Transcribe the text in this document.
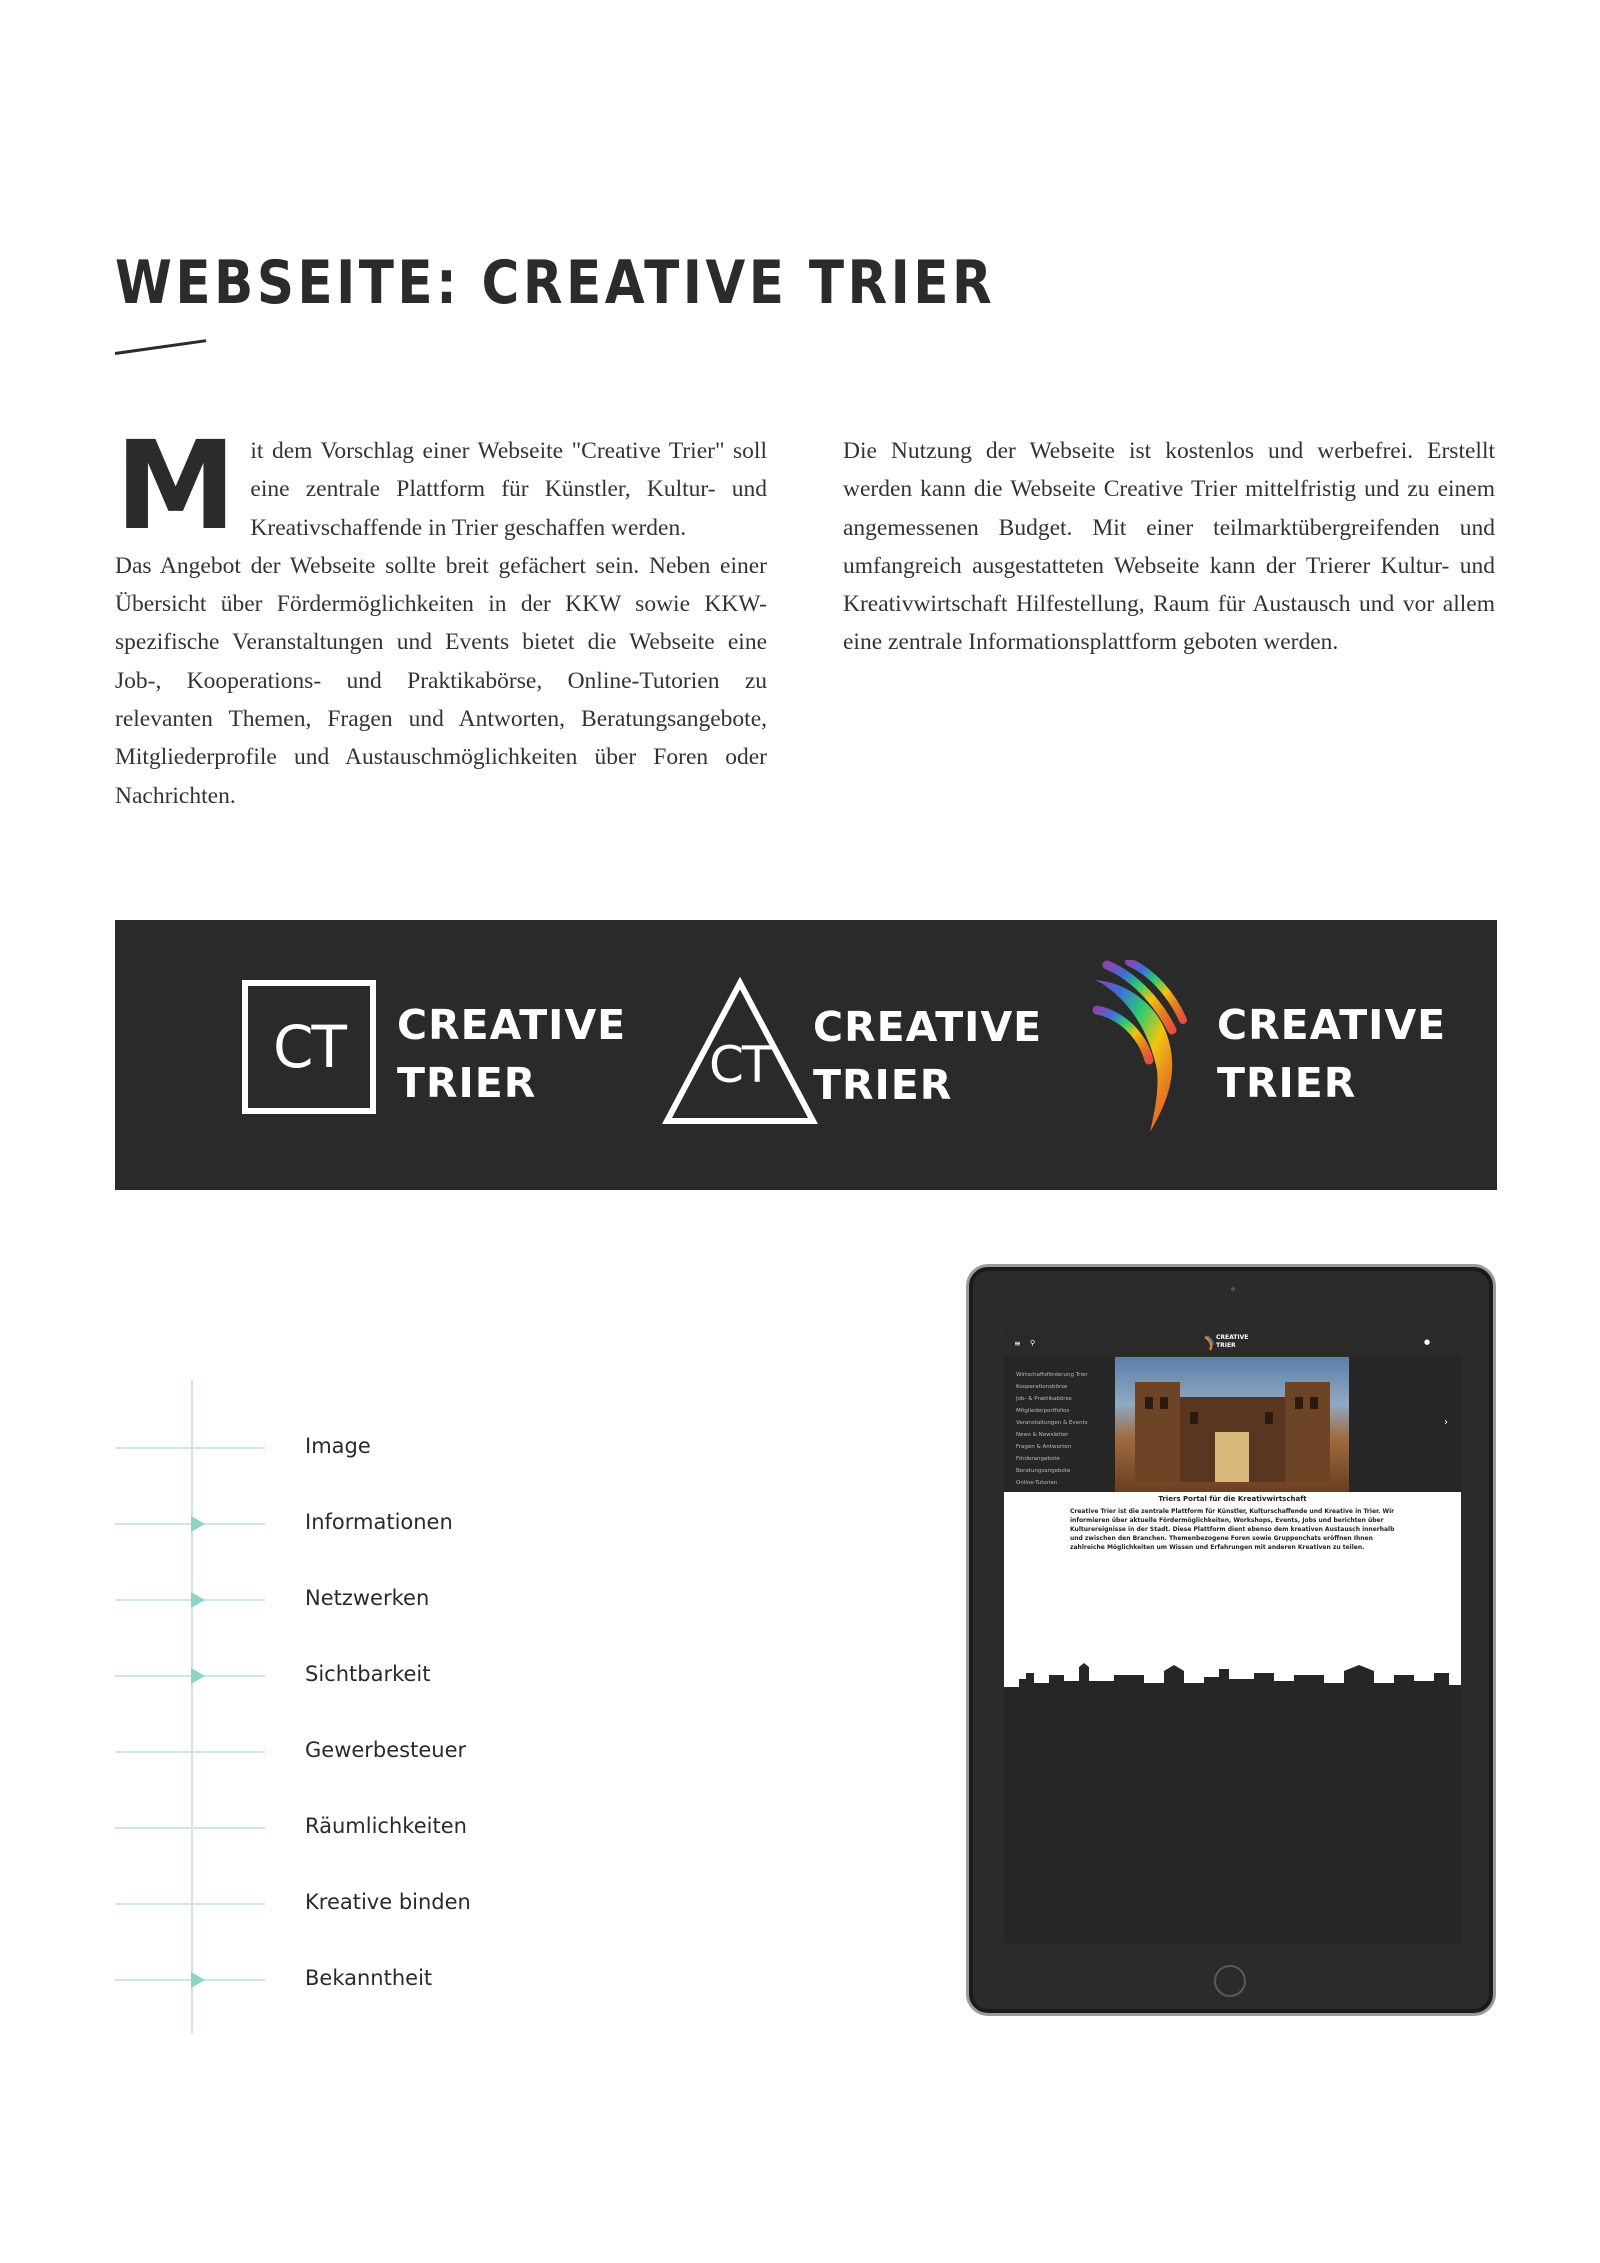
WEBSEITE: CREATIVE TRIER
M it dem Vorschlag einer Webseite "Creative Trier" soll eine zentrale Plattform für Künstler, Kultur- und Kreativschaffende in Trier geschaffen werden.

Das Angebot der Webseite sollte breit gefächert sein. Neben einer Übersicht über Fördermöglichkeiten in der KKW sowie KKW-spezifische Veranstaltungen und Events bietet die Webseite eine Job-, Kooperations- und Praktikabörse, Online-Tutorien zu relevanten Themen, Fragen und Antworten, Beratungsangebote, Mitgliederprofile und Austauschmöglichkeiten über Foren oder Nachrichten.

Die Nutzung der Webseite ist kostenlos und werbefrei. Erstellt werden kann die Webseite Creative Trier mittelfristig und zu einem angemessenen Budget. Mit einer teilmarktübergreifenden und umfangreich ausgestatteten Webseite kann der Trierer Kultur- und Kreativwirtschaft Hilfestellung, Raum für Austausch und vor allem eine zentrale Informationsplattform geboten werden.

CT	CREATIVE
TRIER	CT
CREATIVE
TRIER
CREATIVE
TRIER
Image
Informationen
Netzwerken
Sichtbarkeit
Gewerbesteuer
Räumlichkeiten
Kreative binden
Bekanntheit
≡ ⚲
CREATIVE
TRIER	●
Wirtschaftsförderung Trier
Kooperationsbörse
Job- & Praktikabörse
Mitgliederportfolios
Veranstaltungen & Events
News & Newsletter
Fragen & Antworten
Förderangebote
Beratungsangebote
Online-Tutorien
›
Triers Portal für die Kreativwirtschaft
Creative Trier ist die zentrale Plattform für Künstler, Kulturschaffende und Kreative in Trier. Wir informieren über aktuelle Fördermöglichkeiten, Workshops, Events, Jobs und berichten über Kulturereignisse in der Stadt. Diese Plattform dient ebenso dem kreativen Austausch innerhalb und zwischen den Branchen. Themenbezogene Foren sowie Gruppenchats eröffnen Ihnen zahlreiche Möglichkeiten um Wissen und Erfahrungen mit anderen Kreativen zu teilen.
